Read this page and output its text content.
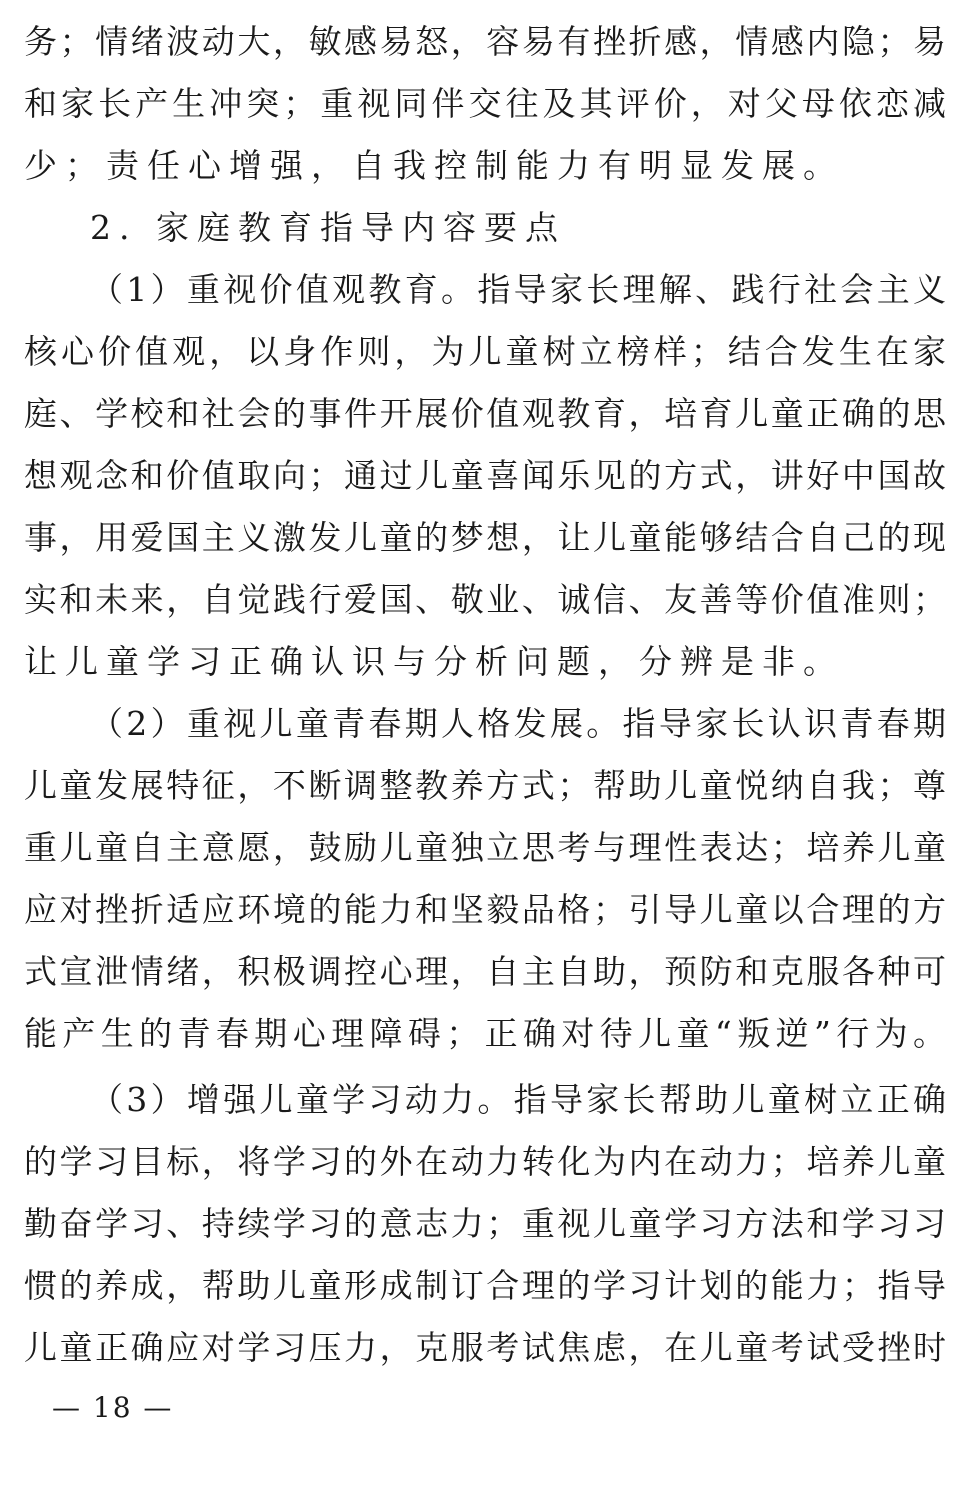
务；情绪波动大，敏感易怒，容易有挫折感，情感内隐；易
和家长产生冲突；重视同伴交往及其评价，对父母依恋减
少；责任心增强，自我控制能力有明显发展。
2. 家庭教育指导内容要点
（1）重视价值观教育。指导家长理解、践行社会主义
核心价值观，以身作则，为儿童树立榜样；结合发生在家
庭、学校和社会的事件开展价值观教育，培育儿童正确的思
想观念和价值取向；通过儿童喜闻乐见的方式，讲好中国故
事，用爱国主义激发儿童的梦想，让儿童能够结合自己的现
实和未来，自觉践行爱国、敬业、诚信、友善等价值准则；
让儿童学习正确认识与分析问题，分辨是非。
（2）重视儿童青春期人格发展。指导家长认识青春期
儿童发展特征，不断调整教养方式；帮助儿童悦纳自我；尊
重儿童自主意愿，鼓励儿童独立思考与理性表达；培养儿童
应对挫折适应环境的能力和坚毅品格；引导儿童以合理的方
式宣泄情绪，积极调控心理，自主自助，预防和克服各种可
能产生的青春期心理障碍；正确对待儿童“叛逆”行为。
（3）增强儿童学习动力。指导家长帮助儿童树立正确
的学习目标，将学习的外在动力转化为内在动力；培养儿童
勤奋学习、持续学习的意志力；重视儿童学习方法和学习习
惯的养成，帮助儿童形成制订合理的学习计划的能力；指导
儿童正确应对学习压力，克服考试焦虑，在儿童考试受挫时
— 18 —
